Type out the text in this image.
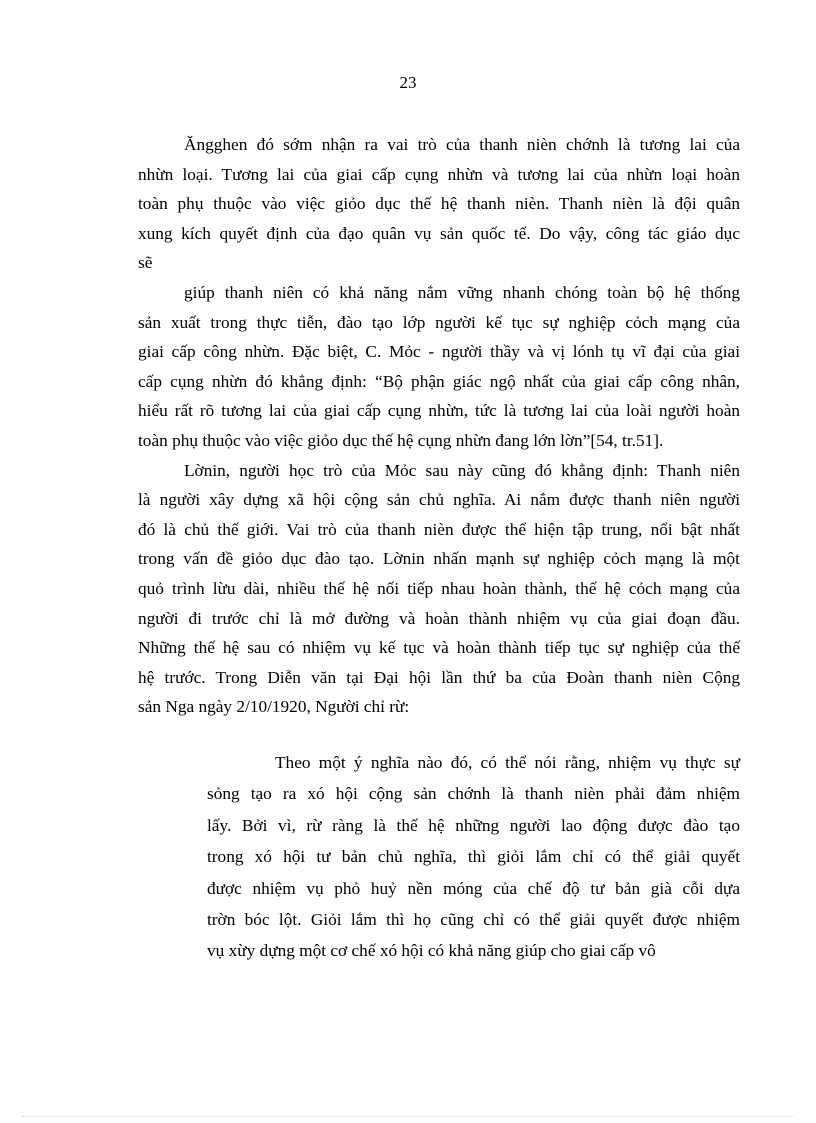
23
Ăngghen đó sớm nhận ra vai trò của thanh nièn chớnh là tương lai của
nhừn loại. Tương lai của giai cấp cụng nhừn và tương lai của nhừn loại hoàn
toàn phụ thuộc vào việc giỏo dục thế hệ thanh nièn. Thanh nièn là đội quân
xung kích quyết định của đạo quân vụ sản quốc tế. Do vậy, công tác giáo dục
sẽ
giúp thanh niên có khả năng nắm vững nhanh chóng toàn bộ hệ thống
sản xuất trong thực tiễn, đào tạo lớp người kế tục sự nghiệp cỏch mạng của
giai cấp công nhừn. Đặc biệt, C. Mỏc - người thầy và vị lónh tụ vĩ đại của giai
cấp cụng nhừn đó khẳng định: “Bộ phận giác ngộ nhất của giai cấp công nhân,
hiểu rất rõ tương lai của giai cấp cụng nhừn, tức là tương lai của loài người hoàn
toàn phụ thuộc vào việc giỏo dục thế hệ cụng nhừn đang lớn lờn”[54, tr.51].
Lờnin, người học trò của Mỏc sau này cũng đó khẳng định: Thanh niên
là người xây dựng xã hội cộng sản chủ nghĩa. Ai nắm được thanh niên người
đó là chủ thế giới. Vai trò của thanh nièn được thể hiện tập trung, nổi bật nhất
trong vấn đề giỏo dục đào tạo. Lờnin nhấn mạnh sự nghiệp cỏch mạng là một
quỏ trình lừu dài, nhiều thế hệ nối tiếp nhau hoàn thành, thế hệ cỏch mạng của
người đi trước chỉ là mở đường và hoàn thành nhiệm vụ của giai đoạn đầu.
Những thế hệ sau có nhiệm vụ kế tục và hoàn thành tiếp tục sự nghiệp của thế
hệ trước. Trong Diễn văn tại Đại hội lần thứ ba của Đoàn thanh nièn Cộng
sản Nga ngày 2/10/1920, Người chỉ rừ:
Theo một ý nghĩa nào đó, có thể nói rằng, nhiệm vụ thực sự
sỏng tạo ra xó hội cộng sản chớnh là thanh nièn phải đảm nhiệm
lấy. Bởi vì, rừ ràng là thế hệ những người lao động được đào tạo
trong xó hội tư bản chủ nghĩa, thì giỏi lắm chỉ có thể giải quyết
được nhiệm vụ phỏ huỷ nền móng của chế độ tư bản già cỗi dựa
trờn bóc lột. Giỏi lắm thì họ cũng chỉ có thể giải quyết được nhiệm
vụ xừy dựng một cơ chế xó hội có khả năng giúp cho giai cấp vô
